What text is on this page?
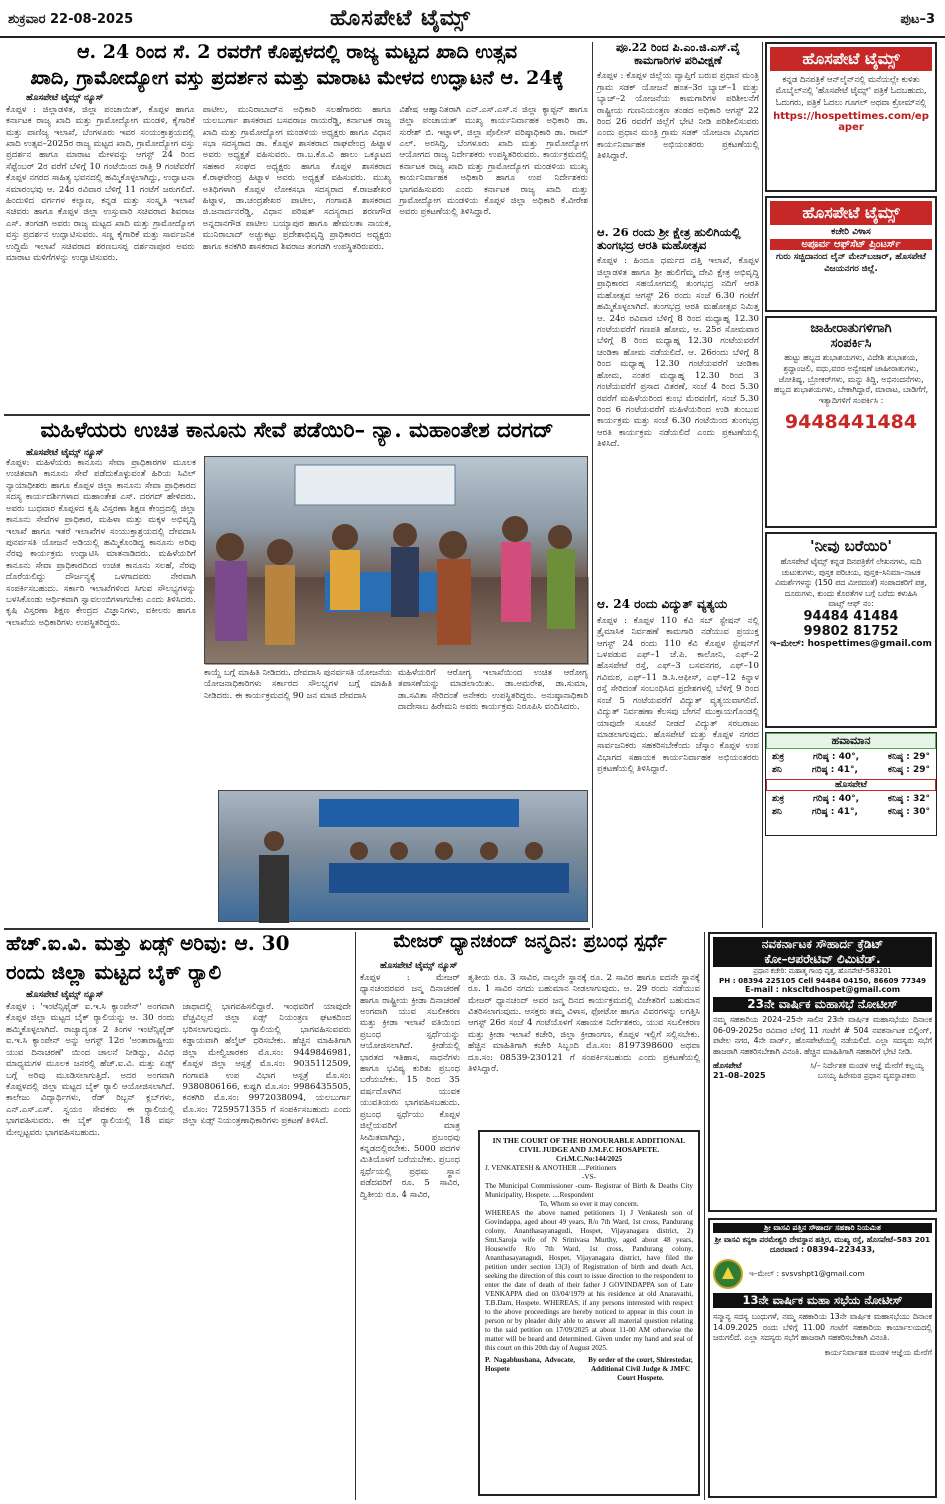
ಶುಕ್ರವಾರ 22-08-2025	ಹೊಸಪೇಟೆ ಟೈಮ್ಸ್	ಪುಟ–3
ಆ. 24 ರಿಂದ ಸೆ. 2 ರವರೆಗೆ ಕೊಪ್ಪಳದಲ್ಲಿ ರಾಜ್ಯ ಮಟ್ಟದ ಖಾದಿ ಉತ್ಸವ
ಖಾದಿ, ಗ್ರಾಮೋದ್ಯೋಗ ವಸ್ತು ಪ್ರದರ್ಶನ ಮತ್ತು ಮಾರಾಟ ಮೇಳದ ಉದ್ಘಾಟನೆ ಆ. 24ಕ್ಕೆ
ಹೊಸಪೇಟೆ ಟೈಮ್ಸ್ ನ್ಯೂಸ್
ಕೊಪ್ಪಳ : ಜಿಲ್ಲಾಡಳಿತ, ಜಿಲ್ಲಾ ಪಂಚಾಯಿತ್, ಕೊಪ್ಪಳ ಹಾಗೂ ಕರ್ನಾಟಕ ರಾಜ್ಯ ಖಾದಿ ಮತ್ತು ಗ್ರಾಮೋದ್ಯೋಗ ಮಂಡಳಿ, ಕೈಗಾರಿಕೆ ಮತ್ತು ವಾಣಿಜ್ಯ ಇಲಾಖೆ, ಬೆಂಗಳೂರು ಇವರ ಸಂಯುಕ್ತಾಶ್ರಯದಲ್ಲಿ ಖಾದಿ ಉತ್ಸವ–2025ರ ರಾಜ್ಯ ಮಟ್ಟದ ಖಾದಿ, ಗ್ರಾಮೋದ್ಯೋಗ ವಸ್ತು ಪ್ರದರ್ಶನ ಹಾಗೂ ಮಾರಾಟ ಮೇಳವನ್ನು ಆಗಸ್ಟ್ 24 ರಿಂದ ಸೆಪ್ಟೆಂಬರ್ 2ರ ವರೆಗೆ ಬೆಳಿಗ್ಗೆ 10 ಗಂಟೆಯಿಂದ ರಾತ್ರಿ 9 ಗಂಟೆವರೆಗೆ ಕೊಪ್ಪಳ ನಗರದ ಸಾಹಿತ್ಯ ಭವನದಲ್ಲಿ ಹಮ್ಮಿಕೊಳ್ಳಲಾಗಿದ್ದು, ಉದ್ಘಾಟನಾ ಸಮಾರಂಭವು ಆ. 24ರ ರವಿವಾರ ಬೆಳಿಗ್ಗೆ 11 ಗಂಟೆಗೆ ಜರುಗಲಿದೆ. ಹಿಂದುಳಿದ ವರ್ಗಗಳ ಕಲ್ಯಾಣ, ಕನ್ನಡ ಮತ್ತು ಸಂಸ್ಕೃತಿ ಇಲಾಖೆ ಸಚಿವರು ಹಾಗೂ ಕೊಪ್ಪಳ ಜಿಲ್ಲಾ ಉಸ್ತುವಾರಿ ಸಚಿವರಾದ ಶಿವರಾಜ ಎಸ್. ತಂಗಡಗಿ ಅವರು ರಾಜ್ಯ ಮಟ್ಟದ ಖಾದಿ ಮತ್ತು ಗ್ರಾಮೋದ್ಯೋಗ ವಸ್ತು ಪ್ರದರ್ಶನ ಉದ್ಘಾಟಿಸುವರು. ಸಣ್ಣ ಕೈಗಾರಿಕೆ ಮತ್ತು ಸಾರ್ವಜನಿಕ ಉದ್ದಿಮೆ ಇಲಾಖೆ ಸಚಿವರಾದ ಶರಣಬಸಪ್ಪ ದರ್ಶನಾಪೂರ ಅವರು ಮಾರಾಟ ಮಳಿಗೆಗಳನ್ನು ಉದ್ಘಾಟಿಸುವರು.
ಪಾಟೀಲ, ಮುನಿರಾಬಾದ್‌ನ ಅಧಿಕಾರಿ ಸಲಹೆಗಾರರು ಹಾಗೂ ಯಲಬುರ್ಗಾ ಶಾಸಕರಾದ ಬಸವರಾಜ ರಾಯರೆಡ್ಡಿ, ಕರ್ನಾಟಕ ರಾಜ್ಯ ಖಾದಿ ಮತ್ತು ಗ್ರಾಮೋದ್ಯೋಗ ಮಂಡಳಿಯ ಅಧ್ಯಕ್ಷರು ಹಾಗೂ ವಿಧಾನ ಸಭಾ ಸದಸ್ಯರಾದ ಡಾ. ಕೊಪ್ಪಳ ಶಾಸಕರಾದ ರಾಘವೇಂದ್ರ ಹಿಟ್ನಾಳ ಅವರು ಅಧ್ಯಕ್ಷತೆ ವಹಿಸುವರು. ರಾ.ಬ.ಕೊ.ವಿ ಹಾಲು ಒಕ್ಕೂಟದ ಸಹಕಾರ ಸಂಘದ ಅಧ್ಯಕ್ಷರು ಹಾಗೂ ಕೊಪ್ಪಳ ಶಾಸಕರಾದ ಕೆ.ರಾಘವೇಂದ್ರ ಹಿಟ್ನಾಳ ಅವರು ಅಧ್ಯಕ್ಷತೆ ವಹಿಸುವರು. ಮುಖ್ಯ ಅತಿಥಿಗಳಾಗಿ ಕೊಪ್ಪಳ ಲೋಕಸಭಾ ಸದಸ್ಯರಾದ ಕೆ.ರಾಜಶೇಖರ ಹಿಟ್ನಾಳ, ಡಾ.ಚಂದ್ರಶೇಖರ ಪಾಟೀಲ, ಗಂಗಾವತಿ ಶಾಸಕರಾದ ಜಿ.ಜನಾರ್ದನರೆಡ್ಡಿ, ವಿಧಾನ ಪರಿಷತ್ ಸದಸ್ಯರಾದ ಶರಣಗೌಡ ಅನ್ನದಾನಗೌಡ ಪಾಟೀಲ ಬಯ್ಯಾಪುರ ಹಾಗೂ ಹೇಮಲತಾ ನಾಯಕ, ಮುನಿರಾಬಾದ್ ಅಚ್ಚುಕಟ್ಟು ಪ್ರದೇಶಾಭಿವೃದ್ಧಿ ಪ್ರಾಧಿಕಾರದ ಅಧ್ಯಕ್ಷರು ಹಾಗೂ ಕನಕಗಿರಿ ಶಾಸಕರಾದ ಶಿವರಾಜ ತಂಗಡಗಿ ಉಪಸ್ಥಿತರಿರುವರು.
ವಿಶೇಷ ಆಹ್ವಾನಿತರಾಗಿ ಎನ್.ಎಸ್.ಎಸ್.ನ ಜಿಲ್ಲಾ ಕ್ಯಾಪ್ಟನ್ ಹಾಗೂ ಜಿಲ್ಲಾ ಪಂಚಾಯತ್ ಮುಖ್ಯ ಕಾರ್ಯನಿರ್ವಾಹಕ ಅಧಿಕಾರಿ ಡಾ. ಸುರೇಶ್ ಬಿ. ಇಟ್ನಾಳ್, ಜಿಲ್ಲಾ ಪೊಲೀಸ್ ವರಿಷ್ಠಾಧಿಕಾರಿ ಡಾ. ರಾಮ್ ಎಲ್. ಅರಸಿದ್ದಿ, ಬೆಂಗಳೂರು ಖಾದಿ ಮತ್ತು ಗ್ರಾಮೋದ್ಯೋಗ ಆಯೋಗದ ರಾಜ್ಯ ನಿರ್ದೇಶಕರು ಉಪಸ್ಥಿತರಿರುವರು. ಕಾರ್ಯಕ್ರಮದಲ್ಲಿ ಕರ್ನಾಟಕ ರಾಜ್ಯ ಖಾದಿ ಮತ್ತು ಗ್ರಾಮೋದ್ಯೋಗ ಮಂಡಳಿಯ ಮುಖ್ಯ ಕಾರ್ಯನಿರ್ವಾಹಕ ಅಧಿಕಾರಿ ಹಾಗೂ ಉಪ ನಿರ್ದೇಶಕರು ಭಾಗವಹಿಸುವರು ಎಂದು ಕರ್ನಾಟಕ ರಾಜ್ಯ ಖಾದಿ ಮತ್ತು ಗ್ರಾಮೋದ್ಯೋಗ ಮಂಡಳಿಯ ಕೊಪ್ಪಳ ಜಿಲ್ಲಾ ಅಧಿಕಾರಿ ಕೆ.ವೀರೇಶ ಅವರು ಪ್ರಕಟಣೆಯಲ್ಲಿ ತಿಳಿಸಿದ್ದಾರೆ.
ಮಹಿಳೆಯರು ಉಚಿತ ಕಾನೂನು ಸೇವೆ ಪಡೆಯಿರಿ– ನ್ಯಾ. ಮಹಾಂತೇಶ ದರಗದ್
ಹೊಸಪೇಟೆ ಟೈಮ್ಸ್ ನ್ಯೂಸ್
ಕೊಪ್ಪಳ: ಮಹಿಳೆಯರು ಕಾನೂನು ಸೇವಾ ಪ್ರಾಧಿಕಾರಗಳ ಮೂಲಕ ಉಚಿತವಾಗಿ ಕಾನೂನು ಸೇವೆ ಪಡೆದುಕೊಳ್ಳುವಂತೆ ಹಿರಿಯ ಸಿವಿಲ್ ನ್ಯಾಯಾಧೀಶರು ಹಾಗೂ ಕೊಪ್ಪಳ ಜಿಲ್ಲಾ ಕಾನೂನು ಸೇವಾ ಪ್ರಾಧಿಕಾರದ ಸದಸ್ಯ ಕಾರ್ಯದರ್ಶಿಗಳಾದ ಮಹಾಂತೇಶ ಎಸ್. ದರಗದ್ ಹೇಳಿದರು. ಅವರು ಬುಧವಾರ ಕೊಪ್ಪಳದ ಕೃಷಿ ವಿಸ್ತರಣಾ ಶಿಕ್ಷಣ ಕೇಂದ್ರದಲ್ಲಿ ಜಿಲ್ಲಾ ಕಾನೂನು ಸೇವೆಗಳ ಪ್ರಾಧಿಕಾರ, ಮಹಿಳಾ ಮತ್ತು ಮಕ್ಕಳ ಅಭಿವೃದ್ಧಿ ಇಲಾಖೆ ಹಾಗೂ ಇತರೆ ಇಲಾಖೆಗಳ ಸಂಯುಕ್ತಾಶ್ರಯದಲ್ಲಿ ದೇವದಾಸಿ ಪುನರ್ವಸತಿ ಯೋಜನೆ ಅಡಿಯಲ್ಲಿ ಹಮ್ಮಿಕೊಂಡಿದ್ದ ಕಾನೂನು ಅರಿವು ನೆರವು ಕಾರ್ಯಕ್ರಮ ಉದ್ಘಾಟಿಸಿ ಮಾತನಾಡಿದರು. ಮಹಿಳೆಯರಿಗೆ ಕಾನೂನು ಸೇವಾ ಪ್ರಾಧಿಕಾರದಿಂದ ಉಚಿತ ಕಾನೂನು ಸಲಹೆ, ನೆರವು ದೊರೆಯಲಿದ್ದು ದೌರ್ಜನ್ಯಕ್ಕೆ ಒಳಗಾದವರು ನೇರವಾಗಿ ಸಂಪರ್ಕಿಸಬಹುದು. ಸರ್ಕಾರಿ ಇಲಾಖೆಗಳಿಂದ ಸಿಗುವ ಸೌಲಭ್ಯಗಳನ್ನು ಬಳಸಿಕೊಂಡು ಆರ್ಥಿಕವಾಗಿ ಸ್ವಾವಲಂಬಿಗಳಾಗಬೇಕು ಎಂದು ತಿಳಿಸಿದರು. ಕೃಷಿ ವಿಸ್ತರಣಾ ಶಿಕ್ಷಣ ಕೇಂದ್ರದ ವಿಜ್ಞಾನಿಗಳು, ವಕೀಲರು ಹಾಗೂ ಇಲಾಖೆಯ ಅಧಿಕಾರಿಗಳು ಉಪಸ್ಥಿತರಿದ್ದರು.
ಕಾಯ್ದೆ ಬಗ್ಗೆ ಮಾಹಿತಿ ನೀಡಿದರು. ದೇವದಾಸಿ ಪುನರ್ವಸತಿ ಯೋಜನೆಯ ಯೋಜನಾಧಿಕಾರಿಗಳು ಸರ್ಕಾರದ ಸೌಲಭ್ಯಗಳ ಬಗ್ಗೆ ಮಾಹಿತಿ ನೀಡಿದರು. ಈ ಕಾರ್ಯಕ್ರಮದಲ್ಲಿ 90 ಜನ ಮಾಜಿ ದೇವದಾಸಿ
ಮಹಿಳೆಯರಿಗೆ ಆರೋಗ್ಯ ಇಲಾಖೆಯಿಂದ ಉಚಿತ ಆರೋಗ್ಯ ತಪಾಸಣೆಯನ್ನು ಮಾಡಲಾಯಿತು. ಡಾ.ಅಮರೇಶ, ಡಾ.ಸುಮಾ, ಡಾ.ಸವಿತಾ ಸೇರಿದಂತೆ ಅನೇಕರು ಉಪಸ್ಥಿತರಿದ್ದರು. ಅನುಷ್ಠಾನಾಧಿಕಾರಿ ದಾದೇಸಾಬ ಹಿರೇಮನಿ ಅವರು ಕಾರ್ಯಕ್ರಮ ನಿರೂಪಿಸಿ ವಂದಿಸಿದರು.
ಹೆಚ್.ಐ.ವಿ. ಮತ್ತು ಏಡ್ಸ್ ಅರಿವು: ಆ. 30
ರಂದು ಜಿಲ್ಲಾ ಮಟ್ಟದ ಬೈಕ್ ರ್‍ಯಾಲಿ
ಹೊಸಪೇಟೆ ಟೈಮ್ಸ್ ನ್ಯೂಸ್
ಕೊಪ್ಪಳ : 'ಇಂಟೆನ್ಸಿಫೈಡ್ ಐ.ಇ.ಸಿ ಕ್ಯಾಂಪೇನ್' ಅಂಗವಾಗಿ ಕೊಪ್ಪಳ ಜಿಲ್ಲಾ ಮಟ್ಟದ ಬೈಕ್ ರ್‍ಯಾಲಿಯನ್ನು ಆ. 30 ರಂದು ಹಮ್ಮಿಕೊಳ್ಳಲಾಗಿದೆ. ರಾಜ್ಯಾದ್ಯಂತ 2 ತಿಂಗಳ ಇಂಟೆನ್ಸಿಫೈಡ್ ಐ.ಇ.ಸಿ ಕ್ಯಾಂಪೇನ್ ಅನ್ನು ಆಗಸ್ಟ್ 12ರ 'ಅಂತಾರಾಷ್ಟ್ರೀಯ ಯುವ ದಿನಾಚರಣೆ' ಯಿಂದ ಚಾಲನೆ ನೀಡಿದ್ದು, ವಿವಿಧ ಮಾಧ್ಯಮಗಳ ಮೂಲಕ ಜನರಲ್ಲಿ ಹೆಚ್.ಐ.ವಿ. ಮತ್ತು ಏಡ್ಸ್ ಬಗ್ಗೆ ಅರಿವು ಮೂಡಿಸಲಾಗುತ್ತಿದೆ. ಅದರ ಅಂಗವಾಗಿ ಕೊಪ್ಪಳದಲ್ಲಿ ಜಿಲ್ಲಾ ಮಟ್ಟದ ಬೈಕ್ ರ್‍ಯಾಲಿ ಆಯೋಜಿಸಲಾಗಿದೆ. ಕಾಲೇಜು ವಿದ್ಯಾರ್ಥಿಗಳು, ರೆಡ್ ರಿಬ್ಬನ್ ಕ್ಲಬ್‌ಗಳು, ಎನ್.ಎಸ್.ಎಸ್. ಸ್ವಯಂ ಸೇವಕರು ಈ ರ್‍ಯಾಲಿಯಲ್ಲಿ ಭಾಗವಹಿಸುವರು. ಈ ಬೈಕ್ ರ್‍ಯಾಲಿಯಲ್ಲಿ 18 ವರ್ಷ ಮೇಲ್ಪಟ್ಟವರು ಭಾಗವಹಿಸಬಹುದು.
ಜಾಥಾದಲ್ಲಿ ಭಾಗವಹಿಸಲಿದ್ದಾರೆ. ಇಂಥವರಿಗೆ ಯಾವುದೇ ವೆಚ್ಚವಿಲ್ಲದೆ ಜಿಲ್ಲಾ ಏಡ್ಸ್ ನಿಯಂತ್ರಣ ಘಟಕದಿಂದ ಭರಿಸಲಾಗುವುದು. ರ್‍ಯಾಲಿಯಲ್ಲಿ ಭಾಗವಹಿಸುವವರು ಕಡ್ಡಾಯವಾಗಿ ಹೆಲ್ಮೆಟ್ ಧರಿಸಬೇಕು. ಹೆಚ್ಚಿನ ಮಾಹಿತಿಗಾಗಿ ಜಿಲ್ಲಾ ಮೇಲ್ವಿಚಾರಕರ ಮೊ.ಸಂ: 9449846981, ಕೊಪ್ಪಳ ಜಿಲ್ಲಾ ಆಸ್ಪತ್ರೆ ಮೊ.ಸಂ: 9035112509, ಗಂಗಾವತಿ ಉಪ ವಿಭಾಗ ಆಸ್ಪತ್ರೆ ಮೊ.ಸಂ: 9380806166, ಕುಷ್ಟಗಿ ಮೊ.ಸಂ: 9986435505, ಕನಕಗಿರಿ ಮೊ.ಸಂ: 9972038094, ಯಲಬುರ್ಗಾ ಮೊ.ಸಂ: 7259571355 ಗೆ ಸಂಪರ್ಕಿಸಬಹುದು ಎಂದು ಜಿಲ್ಲಾ ಏಡ್ಸ್ ನಿಯಂತ್ರಣಾಧಿಕಾರಿಗಳು ಪ್ರಕಟಣೆ ತಿಳಿಸಿದೆ.
ಮೇಜರ್ ಧ್ಯಾನಚಂದ್ ಜನ್ಮದಿನ: ಪ್ರಬಂಧ ಸ್ಪರ್ಧೆ
ಹೊಸಪೇಟೆ ಟೈಮ್ಸ್ ನ್ಯೂಸ್
ಕೊಪ್ಪಳ : ಮೇಜರ್ ಧ್ಯಾನಚಂದರವರ ಜನ್ಮ ದಿನಾಚರಣೆ ಹಾಗೂ ರಾಷ್ಟ್ರೀಯ ಕ್ರೀಡಾ ದಿನಾಚರಣೆ ಅಂಗವಾಗಿ ಯುವ ಸಬಲೀಕರಣ ಮತ್ತು ಕ್ರೀಡಾ ಇಲಾಖೆ ವತಿಯಿಂದ ಪ್ರಬಂಧ ಸ್ಪರ್ಧೆಯನ್ನು ಆಯೋಜಿಸಲಾಗಿದೆ. ಕ್ರೀಡೆಯಲ್ಲಿ ಭಾರತದ ಇತಿಹಾಸ, ಸಾಧನೆಗಳು ಹಾಗೂ ಭವಿಷ್ಯ ಕುರಿತು ಪ್ರಬಂಧ ಬರೆಯಬೇಕು. 15 ರಿಂದ 35 ವರ್ಷದೊಳಗಿನ ಯುವಕ ಯುವತಿಯರು ಭಾಗವಹಿಸಬಹುದು. ಪ್ರಬಂಧ ಸ್ಪರ್ಧೆಯು ಕೊಪ್ಪಳ ಜಿಲ್ಲೆಯವರಿಗೆ ಮಾತ್ರ ಸೀಮಿತವಾಗಿದ್ದು, ಪ್ರಬಂಧವು ಕನ್ನಡದಲ್ಲಿರಬೇಕು. 5000 ಪದಗಳ ಮಿತಿಯೊಳಗೆ ಬರೆಯಬೇಕು. ಪ್ರಬಂಧ ಸ್ಪರ್ಧೆಯಲ್ಲಿ ಪ್ರಥಮ ಸ್ಥಾನ ಪಡೆದವರಿಗೆ ರೂ. 5 ಸಾವಿರ, ದ್ವಿತೀಯ ರೂ. 4 ಸಾವಿರ,
ತೃತೀಯ ರೂ. 3 ಸಾವಿರ, ನಾಲ್ಕನೇ ಸ್ಥಾನಕ್ಕೆ ರೂ. 2 ಸಾವಿರ ಹಾಗೂ ಐದನೇ ಸ್ಥಾನಕ್ಕೆ ರೂ. 1 ಸಾವಿರ ನಗದು ಬಹುಮಾನ ನೀಡಲಾಗುವುದು. ಆ. 29 ರಂದು ನಡೆಯುವ ಮೇಜರ್ ಧ್ಯಾನಚಂದ್ ಅವರ ಜನ್ಮ ದಿನದ ಕಾರ್ಯಕ್ರಮದಲ್ಲಿ ವಿಜೇತರಿಗೆ ಬಹುಮಾನ ವಿತರಿಸಲಾಗುವುದು. ಆಸಕ್ತರು ತಮ್ಮ ವಿಳಾಸ, ಫೋಟೋ ಹಾಗೂ ವಿವರಗಳನ್ನು ಲಗತ್ತಿಸಿ ಆಗಸ್ಟ್ 26ರ ಸಂಜೆ 4 ಗಂಟೆಯೊಳಗೆ ಸಹಾಯಕ ನಿರ್ದೇಶಕರು, ಯುವ ಸಬಲೀಕರಣ ಮತ್ತು ಕ್ರೀಡಾ ಇಲಾಖೆ ಕಚೇರಿ, ಜಿಲ್ಲಾ ಕ್ರೀಡಾಂಗಣ, ಕೊಪ್ಪಳ ಇಲ್ಲಿಗೆ ಸಲ್ಲಿಸಬೇಕು. ಹೆಚ್ಚಿನ ಮಾಹಿತಿಗಾಗಿ ಕಚೇರಿ ಸಿಬ್ಬಂದಿ ಮೊ.ಸಂ: 8197398600 ಅಥವಾ ದೂ.ಸಂ: 08539-230121 ಗೆ ಸಂಪರ್ಕಿಸಬಹುದು ಎಂದು ಪ್ರಕಟಣೆಯಲ್ಲಿ ತಿಳಿಸಿದ್ದಾರೆ.
IN THE COURT OF THE HONOURABLE ADDITIONAL CIVIL JUDGE AND J.M.F.C HOSAPETE.
Cri.M.C.No:144/2025
J. VENKATESH & ANOTHER ....Petitioners
-VS-
The Municipal Commissioner -cum- Registrar of Birth & Deaths City Municipality, Hospete. ....Respondent
To, Whom so ever it may concern.
WHEREAS the above named petitioners 1) J Venkatesh son of Govindappa, aged about 49 years, R/o 7th Ward, 1st cross, Pandurang colony, Ananthasayanagudi, Hospet, Vijayanagara district, 2) Smt.Saroja wife of N Srinivasa Murthy, aged about 48 years, Housewife R/o 7th Ward, 1st cross, Pandurang colony, Ananthasayanagudi, Hospet, Vijayanagara district, have filed the petition under section 13(3) of Registration of birth and death Act, seeking the direction of this court to issue direction to the respondent to enter the date of death of their father J GOVINDAPPA son of Late VENKAPPA died on 03/04/1979 at his residence at old Anaravathi, T.B.Dam, Hospete. WHEREAS, if any persons interested with respect to the above proceedings are hereby noticed to appear in this court in person or by pleader duly able to answer all material question relating to the said petition on 17/09/2025 at about 11-00 AM otherwise the matter will be heard and determined. Given under my hand and seal of this court on this 20th day of August 2025.
P. Nagabhushana, Advocate, Hospete
By order of the court, Shirestedar, Additional Civil Judge & JMFC Court Hospete.
ಪೂ.22 ರಿಂದ ಪಿ.ಎಂ.ಜಿ.ಎಸ್.ವೈ ಕಾಮಗಾರಿಗಳ ಪರಿವೀಕ್ಷಣೆ
ಕೊಪ್ಪಳ : ಕೊಪ್ಪಳ ಜಿಲ್ಲೆಯ ವ್ಯಾಪ್ತಿಗೆ ಬರುವ ಪ್ರಧಾನ ಮಂತ್ರಿ ಗ್ರಾಮ ಸಡಕ್ ಯೋಜನೆ ಹಂತ–3ರ ಬ್ಯಾಚ್–1 ಮತ್ತು ಬ್ಯಾಚ್–2 ಯೋಜನೆಯ ಕಾಮಗಾರಿಗಳ ಪರಿಶೀಲನೆಗೆ ರಾಷ್ಟ್ರೀಯ ಗುಣನಿಯಂತ್ರಣ ತಂಡದ ಅಧಿಕಾರಿ ಆಗಸ್ಟ್ 22 ರಿಂದ 26 ರವರೆಗೆ ಜಿಲ್ಲೆಗೆ ಭೇಟಿ ನೀಡಿ ಪರಿಶೀಲಿಸುವರು ಎಂದು ಪ್ರಧಾನ ಮಂತ್ರಿ ಗ್ರಾಮ ಸಡಕ್ ಯೋಜನಾ ವಿಭಾಗದ ಕಾರ್ಯನಿರ್ವಾಹಕ ಅಭಿಯಂತರರು ಪ್ರಕಟಣೆಯಲ್ಲಿ ತಿಳಿಸಿದ್ದಾರೆ.
ಆ. 26 ರಂದು ಶ್ರೀ ಕ್ಷೇತ್ರ ಹುಲಿಗಿಯಲ್ಲಿ ತುಂಗಭದ್ರ ಆರತಿ ಮಹೋತ್ಸವ
ಕೊಪ್ಪಳ : ಹಿಂದೂ ಧರ್ಮದ ದತ್ತಿ ಇಲಾಖೆ, ಕೊಪ್ಪಳ ಜಿಲ್ಲಾಡಳಿತ ಹಾಗೂ ಶ್ರೀ ಹುಲಿಗೆಮ್ಮ ದೇವಿ ಕ್ಷೇತ್ರ ಅಭಿವೃದ್ಧಿ ಪ್ರಾಧಿಕಾರದ ಸಹಯೋಗದಲ್ಲಿ ತುಂಗಭದ್ರ ನದಿಗೆ ಆರತಿ ಮಹೋತ್ಸವ ಆಗಸ್ಟ್ 26 ರಂದು ಸಂಜೆ 6.30 ಗಂಟೆಗೆ ಹಮ್ಮಿಕೊಳ್ಳಲಾಗಿದೆ. ತುಂಗಭದ್ರ ಆರತಿ ಮಹೋತ್ಸವ ನಿಮಿತ್ತ ಆ. 24ರ ರವಿವಾರ ಬೆಳಿಗ್ಗೆ 8 ರಿಂದ ಮಧ್ಯಾಹ್ನ 12.30 ಗಂಟೆಯವರೆಗೆ ಗಣಪತಿ ಹೋಮ, ಆ. 25ರ ಸೋಮವಾರ ಬೆಳಿಗ್ಗೆ 8 ರಿಂದ ಮಧ್ಯಾಹ್ನ 12.30 ಗಂಟೆಯವರೆಗೆ ಚಂಡಿಕಾ ಹೋಮ ನಡೆಯಲಿದೆ. ಆ. 26ರಂದು ಬೆಳಿಗ್ಗೆ 8 ರಿಂದ ಮಧ್ಯಾಹ್ನ 12.30 ಗಂಟೆಯವರೆಗೆ ಚಂಡಿಕಾ ಹೋಮ, ನಂತರ ಮಧ್ಯಾಹ್ನ 12.30 ರಿಂದ 3 ಗಂಟೆಯವರೆಗೆ ಪ್ರಸಾದ ವಿತರಣೆ, ಸಂಜೆ 4 ರಿಂದ 5.30 ರವರೆಗೆ ಮಹಿಳೆಯರಿಂದ ಕುಂಭ ಮೆರವಣಿಗೆ, ಸಂಜೆ 5.30 ರಿಂದ 6 ಗಂಟೆಯವರೆಗೆ ಮಹಿಳೆಯರಿಂದ ಉಡಿ ತುಂಬುವ ಕಾರ್ಯಕ್ರಮ ಮತ್ತು ಸಂಜೆ 6.30 ಗಂಟೆಯಿಂದ ತುಂಗಭದ್ರ ಆರತಿ ಕಾರ್ಯಕ್ರಮ ನಡೆಯಲಿದೆ ಎಂದು ಪ್ರಕಟಣೆಯಲ್ಲಿ ತಿಳಿಸಿದೆ.
ಆ. 24 ರಂದು ವಿದ್ಯುತ್ ವ್ಯತ್ಯಯ
ಕೊಪ್ಪಳ : ಕೊಪ್ಪಳ 110 ಕೆವಿ ಸಬ್ ಸ್ಟೇಷನ್ ನಲ್ಲಿ ತ್ರೈಮಾಸಿಕ ನಿರ್ವಹಣೆ ಕಾಮಗಾರಿ ನಡೆಯುವ ಪ್ರಯುಕ್ತ ಆಗಸ್ಟ್ 24 ರಂದು 110 ಕೆವಿ ಕೊಪ್ಪಳ ಸ್ಟೇಷನ್‌ಗೆ ಒಳಪಡುವ ಎಫ್‌–1 ಜೆ.ಪಿ. ಕಾಲೋನಿ, ಎಫ್‌–2 ಹೊಸಪೇಟೆ ರಸ್ತೆ, ಎಫ್‌–3 ಬಸವನಗರ, ಎಫ್‌–10 ಗವಿಮಠ, ಎಫ್‌–11 ಡಿ.ಸಿ.ಆಫೀಸ್, ಎಫ್‌–12 ಕಿನ್ನಾಳ ರಸ್ತೆ ಸೇರಿದಂತೆ ಸಂಬಂಧಿಸಿದ ಪ್ರದೇಶಗಳಲ್ಲಿ ಬೆಳಿಗ್ಗೆ 9 ರಿಂದ ಸಂಜೆ 5 ಗಂಟೆಯವರೆಗೆ ವಿದ್ಯುತ್ ವ್ಯತ್ಯಯವಾಗಲಿದೆ. ವಿದ್ಯುತ್ ನಿರ್ವಹಣಾ ಕೆಲಸವು ಬೇಗನೆ ಮುಕ್ತಾಯಗೊಂಡಲ್ಲಿ ಯಾವುದೇ ಸೂಚನೆ ನೀಡದೆ ವಿದ್ಯುತ್ ಸರಬರಾಜು ಮಾಡಲಾಗುವುದು. ಹೊಸಪೇಟೆ ಮತ್ತು ಕೊಪ್ಪಳ ನಗರದ ಸಾರ್ವಜನಿಕರು ಸಹಕರಿಸಬೇಕೆಂದು ಜೆಸ್ಕಾಂ ಕೊಪ್ಪಳ ಉಪ ವಿಭಾಗದ ಸಹಾಯಕ ಕಾರ್ಯನಿರ್ವಾಹಕ ಅಭಿಯಂತರರು ಪ್ರಕಟಣೆಯಲ್ಲಿ ತಿಳಿಸಿದ್ದಾರೆ.
ಹೊಸಪೇಟೆ ಟೈಮ್ಸ್
ಕನ್ನಡ ದಿನಪತ್ರಿಕೆ ಆನ್‌ಲೈನ್‌ನಲ್ಲಿ ಮನೆಯಲ್ಲೇ ಕುಳಿತು ಮೊಬೈಲ್‌ನಲ್ಲಿ 'ಹೊಸಪೇಟೆ ಟೈಮ್ಸ್' ಪತ್ರಿಕೆ ಓದಬಹುದು, ಓದುಗರು, ಪತ್ರಿಕೆ ಓದಲು ಗೂಗಲ್ ಅಥವಾ ಕ್ರೋಮ್‌ನಲ್ಲಿ
https://hospettimes.com/epaper
ಹೊಸಪೇಟೆ ಟೈಮ್ಸ್
ಕಚೇರಿ ವಿಳಾಸ
ಅಪೂರ್ವ ಆಫ್‌ಸೆಟ್ ಪ್ರಿಂಟರ್ಸ್
ಗುರು ಸಚ್ಚಿದಾನಂದ ಲೈನ್ ಮೇನ್‌ಬಜಾರ್, ಹೊಸಪೇಟೆ ವಿಜಯನಗರ ಜಿಲ್ಲೆ.
ಜಾಹೀರಾತುಗಳಿಗಾಗಿ
ಸಂಪರ್ಕಿಸಿ
ಹುಟ್ಟು ಹಬ್ಬದ ಶುಭಾಶಯಗಳು, ವಿದೇಶಿ ಶುಭಾಶಯ, ಶ್ರದ್ಧಾಂಜಲಿ, ವಧು,ವರರ ಅನ್ವೇಷಣೆ ಜಾಹೀರಾತುಗಳು, ಜೋತಿಷ್ಯ, ಬ್ರೋಕರ್‌ಗಳು, ಮನ್ನು ತಿದ್ದಿ, ಅಭಿನಂದನೆಗಳು, ಹಬ್ಬದ ಶುಭಾಶಯಗಳು, ಬೇಕಾಗಿದ್ದಾರೆ, ಮಾರಾಟ, ಬಾಡಿಗೆಗೆ, ಇತ್ಯಾದಿಗಳಿಗೆ ಸಂಪರ್ಕಿಸಿ :
9448441484
'ನೀವು ಬರೆಯಿರಿ'
ಹೊಸಪೇಟೆ ಟೈಮ್ಸ್ ಕನ್ನಡ ದಿನಪತ್ರಿಕೆಗೆ ಲೇಖನಗಳು, ಸುದಿ ಚುಟುಕುಗಳು, ಪುಸ್ತಕ ಪರಿಚಯ, ಪುಸ್ತಕ–ಸಿನಿಮಾ–ನಾಟಕ ವಿಮರ್ಶೆಗಳನ್ನು (150 ಪದ ಮೀರದಂತೆ) ಸಂಪಾದಕರಿಗೆ ಪತ್ರ, ದೂರುಗಳು, ಕುಂದು ಕೊರತೆಗಳ ಬಗ್ಗೆ ಬರೆದು ಕಳುಹಿಸಿ
ವಾಟ್ಸ್ ಆಫ್ ನಂ:
94484 41484
99802 81752
ಇ–ಮೇಲ್: hospettimes@gmail.com
ಹವಾಮಾನ
ಶುಕ್ರ	ಗರಿಷ್ಠ : 40°,	ಕನಿಷ್ಠ : 29°
ಶನಿ	ಗರಿಷ್ಠ : 41°,	ಕನಿಷ್ಠ : 29°
ಹೊಸಪೇಟೆ
ಶುಕ್ರ	ಗರಿಷ್ಠ : 40°,	ಕನಿಷ್ಠ : 32°
ಶನಿ	ಗರಿಷ್ಠ : 41°,	ಕನಿಷ್ಠ : 30°
ನವಕರ್ನಾಟಕ ಸೌಹಾರ್ದ ಕ್ರೆಡಿಟ್
ಕೋ–ಆಪರೇಟಿವ್ ಲಿಮಿಟೆಡ್.
ಪ್ರಧಾನ ಕಚೇರಿ: ಮಹಾತ್ಮ ಗಾಂಧಿ ವೃತ್ತ, ಹೊಸಪೇಟೆ–583201
PH : 08394 225105 Cell 94484 04150, 86609 77349
E-mail : nkscltdhospet@gmail.com
23ನೇ ವಾರ್ಷಿಕ ಮಹಾಸಭೆ ನೋಟೀಸ್
ನಮ್ಮ ಸಹಕಾರಿಯ 2024–25ನೇ ಸಾಲಿನ 23ನೇ ವಾರ್ಷಿಕ ಮಹಾಸಭೆಯು ದಿನಾಂಕ 06-09-2025ರ ರವಿವಾರ ಬೆಳಿಗ್ಗೆ 11 ಗಂಟೆಗೆ # 504 ನವಕರ್ನಾಟಕ ಬಿಲ್ಡಿಂಗ್, ಪಟೇಲ ನಗರ, 4ನೇ ವಾರ್ಡ್, ಹೊಸಪೇಟೆಯಲ್ಲಿ ನಡೆಯಲಿದೆ. ಎಲ್ಲಾ ಸದಸ್ಯರು ಸಭೆಗೆ ಹಾಜರಾಗಿ ಸಹಕರಿಸಬೇಕಾಗಿ ವಿನಂತಿ. ಹೆಚ್ಚಿನ ಮಾಹಿತಿಗಾಗಿ ಸಹಕಾರಿಗೆ ಭೇಟಿ ನೀಡಿ.
ಹೊಸಪೇಟೆ
21–08–2025
ಸಿ/– ನಿರ್ದೇಶಕ ಮಂಡಳಿ ಆಜ್ಞೆ ಮೇರೆಗೆ ಕಲ್ಲಯ್ಯ ಬಸಯ್ಯ ಹಿರೇಮಠ ಪ್ರಧಾನ ವ್ಯವಸ್ಥಾಪಕರು
ಶ್ರೀ ವಾಸವಿ ಪತ್ತಿನ ಸೌಹಾರ್ದ ಸಹಕಾರಿ ನಿಯಮಿತ
ಶ್ರೀ ವಾಸವಿ ಕನ್ಯಕಾ ಪರಮೇಶ್ವರಿ ದೇವಸ್ಥಾನ ಹತ್ತಿರ, ಮುಖ್ಯ ರಸ್ತೆ, ಹೊಸಪೇಟೆ–583 201
ದೂರವಾಣಿ : 08394–223433,
ಇ–ಮೇಲ್ : svsvshpt1@gmail.com
13ನೇ ವಾರ್ಷಿಕ ಮಹಾ ಸಭೆಯ ನೋಟೀಸ್
ಸನ್ಮಾನ್ಯ ಸದಸ್ಯ ಬಂಧುಗಳೆ, ನಮ್ಮ ಸಹಕಾರಿಯ 13ನೇ ವಾರ್ಷಿಕ ಮಹಾಸಭೆಯು ದಿನಾಂಕ 14.09.2025 ರಂದು ಬೆಳಿಗ್ಗೆ 11.00 ಗಂಟೆಗೆ ಸಹಕಾರಿಯ ಕಾರ್ಯಾಲಯದಲ್ಲಿ ಜರುಗಲಿದೆ. ಎಲ್ಲಾ ಸದಸ್ಯರು ಸಭೆಗೆ ಹಾಜರಾಗಿ ಸಹಕರಿಸಬೇಕಾಗಿ ವಿನಂತಿ.
ಕಾರ್ಯನಿರ್ವಾಹಕ ಮಂಡಳಿ ಆಜ್ಞೆಯ ಮೇರೆಗೆ
